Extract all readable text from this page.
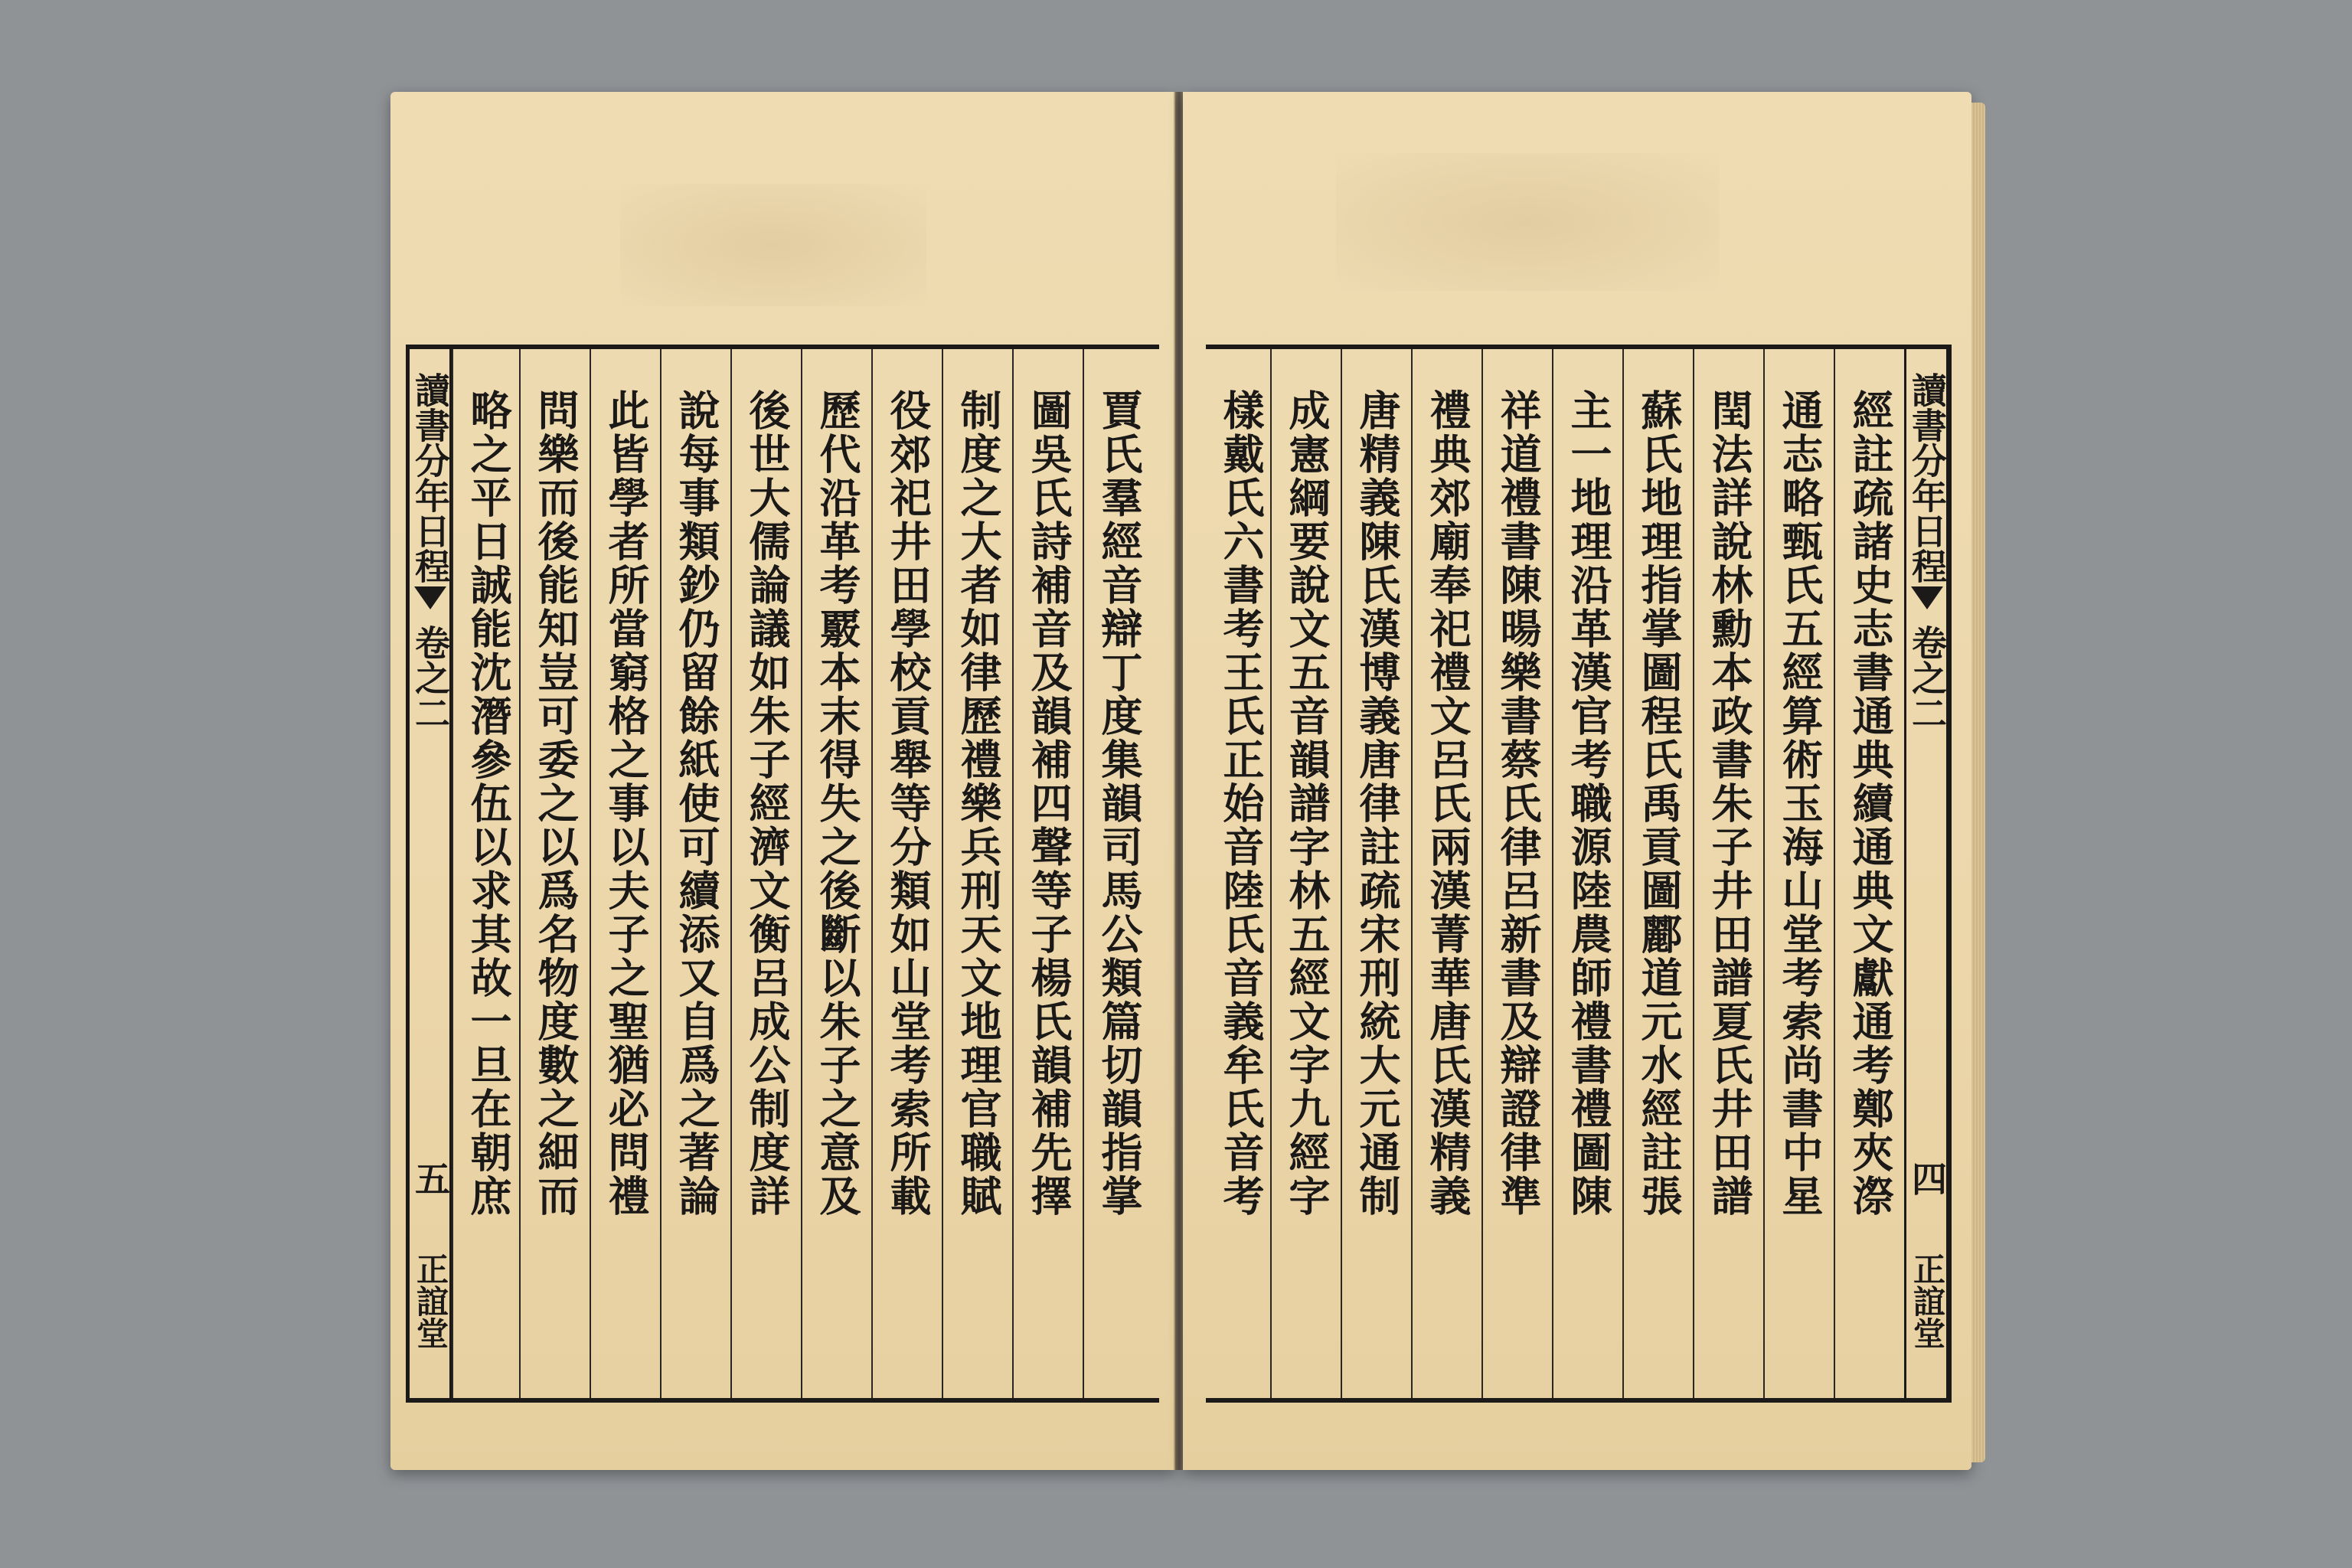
讀書分年日程
卷之二
五
正誼堂
賈氏羣經音辯丁度集韻司馬公類篇切韻指掌
圖吳氏詩補音及韻補四聲等子楊氏韻補先擇
制度之大者如律歷禮樂兵刑天文地理官職賦
役郊祀井田學校貢舉等分類如山堂考索所載
歷代沿革考覈本末得失之後斷以朱子之意及
後世大儒論議如朱子經濟文衡呂成公制度詳
說每事類鈔仍留餘紙使可續添又自爲之著論
此皆學者所當窮格之事以夫子之聖猶必問禮
問樂而後能知豈可委之以爲名物度數之細而
略之平日誠能沈潛參伍以求其故一旦在朝庶	讀書分年日程
卷之二
四
正誼堂
經註疏諸史志書通典續通典文獻通考鄭夾漈
通志略甄氏五經算術玉海山堂考索尚書中星
閏法詳說林勳本政書朱子井田譜夏氏井田譜
蘇氏地理指掌圖程氏禹貢圖酈道元水經註張
主一地理沿革漢官考職源陸農師禮書禮圖陳
祥道禮書陳暘樂書蔡氏律呂新書及辯證律準
禮典郊廟奉祀禮文呂氏兩漢菁華唐氏漢精義
唐精義陳氏漢博義唐律註疏宋刑統大元通制
成憲綱要說文五音韻譜字林五經文字九經字
樣戴氏六書考王氏正始音陸氏音義牟氏音考
